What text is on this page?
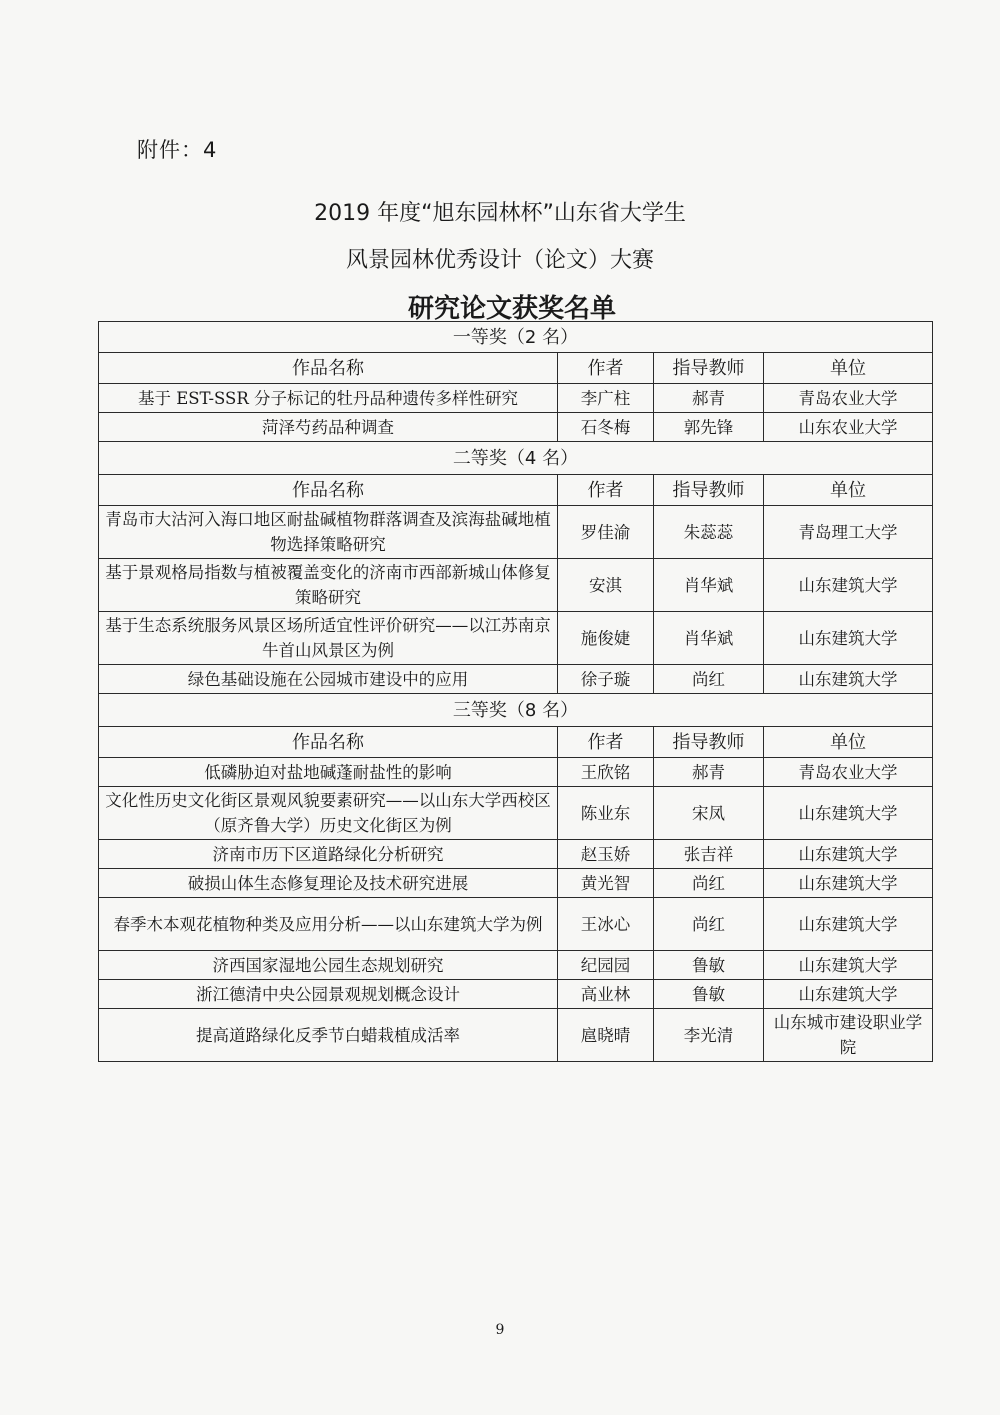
附件：4
2019 年度“旭东园林杯”山东省大学生
风景园林优秀设计（论文）大赛
研究论文获奖名单
一等奖（2 名）			
作品名称	作者	指导教师	单位
基于 EST-SSR 分子标记的牡丹品种遗传多样性研究	李广柱	郝青	青岛农业大学
菏泽芍药品种调查	石冬梅	郭先锋	山东农业大学
二等奖（4 名）			
作品名称	作者	指导教师	单位
青岛市大沽河入海口地区耐盐碱植物群落调查及滨海盐碱地植物选择策略研究	罗佳渝	朱蕊蕊	青岛理工大学
基于景观格局指数与植被覆盖变化的济南市西部新城山体修复策略研究	安淇	肖华斌	山东建筑大学
基于生态系统服务风景区场所适宜性评价研究——以江苏南京牛首山风景区为例	施俊婕	肖华斌	山东建筑大学
绿色基础设施在公园城市建设中的应用	徐子璇	尚红	山东建筑大学
三等奖（8 名）			
作品名称	作者	指导教师	单位
低磷胁迫对盐地碱蓬耐盐性的影响	王欣铭	郝青	青岛农业大学
文化性历史文化街区景观风貌要素研究——以山东大学西校区（原齐鲁大学）历史文化街区为例	陈业东	宋凤	山东建筑大学
济南市历下区道路绿化分析研究	赵玉娇	张吉祥	山东建筑大学
破损山体生态修复理论及技术研究进展	黄光智	尚红	山东建筑大学
春季木本观花植物种类及应用分析——以山东建筑大学为例	王冰心	尚红	山东建筑大学
济西国家湿地公园生态规划研究	纪园园	鲁敏	山东建筑大学
浙江德清中央公园景观规划概念设计	高业林	鲁敏	山东建筑大学
提高道路绿化反季节白蜡栽植成活率	扈晓晴	李光清	山东城市建设职业学院
9
